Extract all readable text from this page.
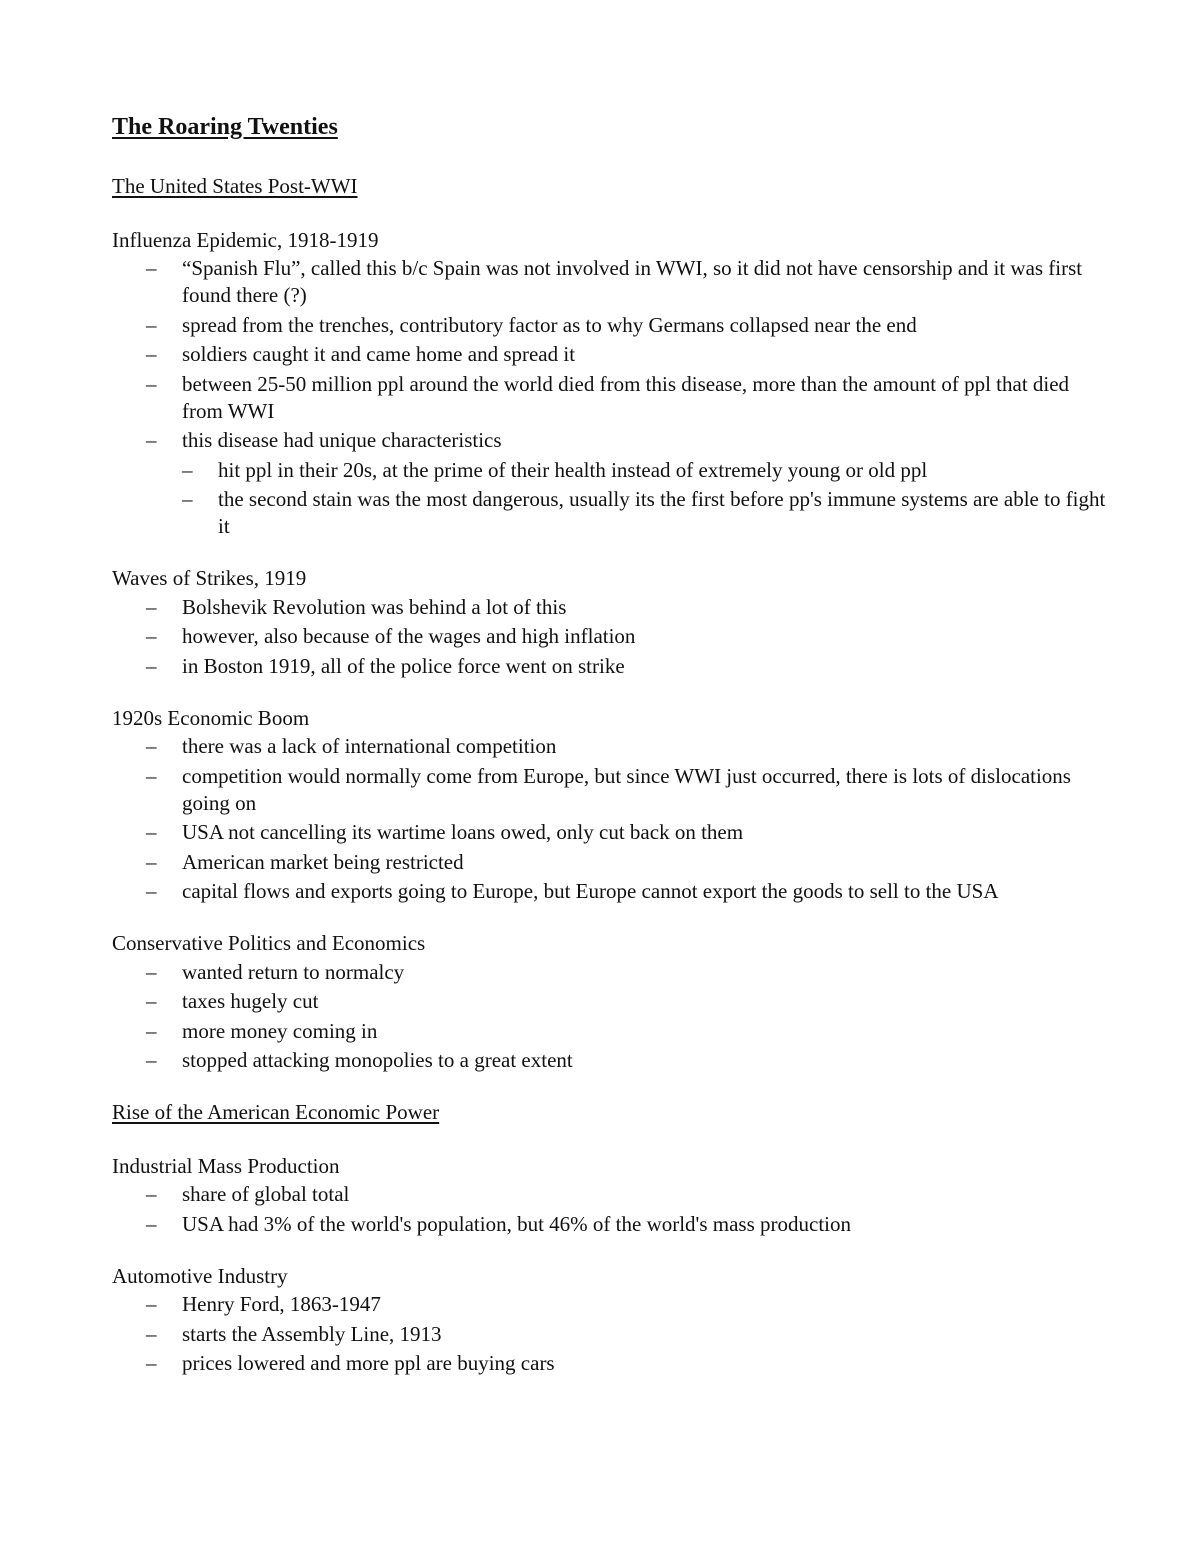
The Roaring Twenties
The United States Post-WWI
Influenza Epidemic, 1918-1919
– “Spanish Flu”, called this b/c Spain was not involved in WWI, so it did not have censorship and it was first found there (?)
– spread from the trenches, contributory factor as to why Germans collapsed near the end
– soldiers caught it and came home and spread it
– between 25-50 million ppl around the world died from this disease, more than the amount of ppl that died from WWI
– this disease had unique characteristics
– hit ppl in their 20s, at the prime of their health instead of extremely young or old ppl
– the second stain was the most dangerous, usually its the first before pp's immune systems are able to fight it
Waves of Strikes, 1919
– Bolshevik Revolution was behind a lot of this
– however, also because of the wages and high inflation
– in Boston 1919, all of the police force went on strike
1920s Economic Boom
– there was a lack of international competition
– competition would normally come from Europe, but since WWI just occurred, there is lots of dislocations going on
– USA not cancelling its wartime loans owed, only cut back on them
– American market being restricted
– capital flows and exports going to Europe, but Europe cannot export the goods to sell to the USA
Conservative Politics and Economics
– wanted return to normalcy
– taxes hugely cut
– more money coming in
– stopped attacking monopolies to a great extent
Rise of the American Economic Power
Industrial Mass Production
– share of global total
– USA had 3% of the world's population, but 46% of the world's mass production
Automotive Industry
– Henry Ford, 1863-1947
– starts the Assembly Line, 1913
– prices lowered and more ppl are buying cars
